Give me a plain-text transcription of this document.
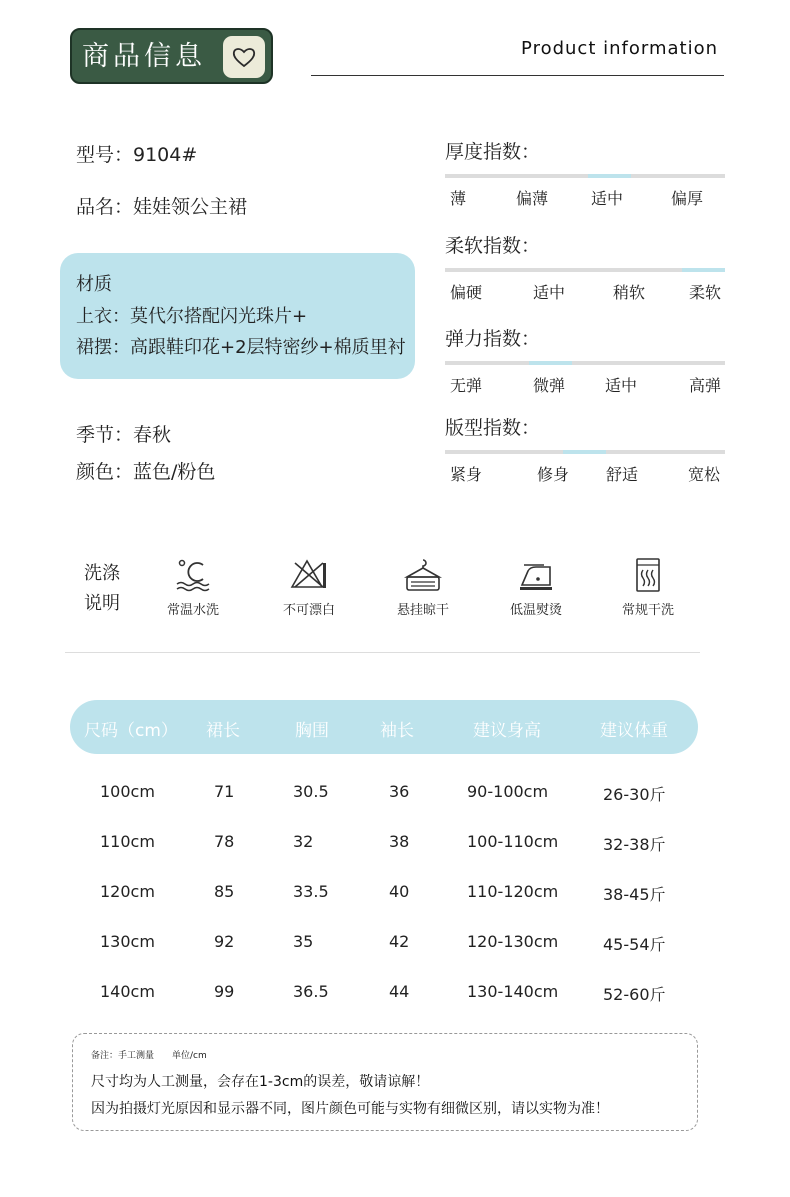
商品信息	Product information
型号：9104#
品名：娃娃领公主裙
材质
上衣：莫代尔搭配闪光珠片+
裙摆：高跟鞋印花+2层特密纱+棉质里衬
季节：春秋
颜色：蓝色/粉色
厚度指数：
薄	偏薄	适中	偏厚
柔软指数：
偏硬	适中	稍软	柔软
弹力指数：
无弹	微弹 适中	高弹
版型指数：
紧身	修身 舒适	宽松
洗涤
说明	常温水洗	不可漂白	悬挂晾干	低温熨烫	常规干洗
尺码（cm） 裙长	胸围	袖长	建议身高	建议体重
100cm	71	30.5	36	90-100cm	26-30斤
110cm	78	32	38	100-110cm	32-38斤
120cm	85	33.5	40	110-120cm	38-45斤
130cm	92	35	42	120-130cm	45-54斤
140cm	99	36.5	44	130-140cm	52-60斤
备注：手工测量 单位/cm
尺寸均为人工测量，会存在1-3cm的误差，敬请谅解！
因为拍摄灯光原因和显示器不同，图片颜色可能与实物有细微区别，请以实物为准！
